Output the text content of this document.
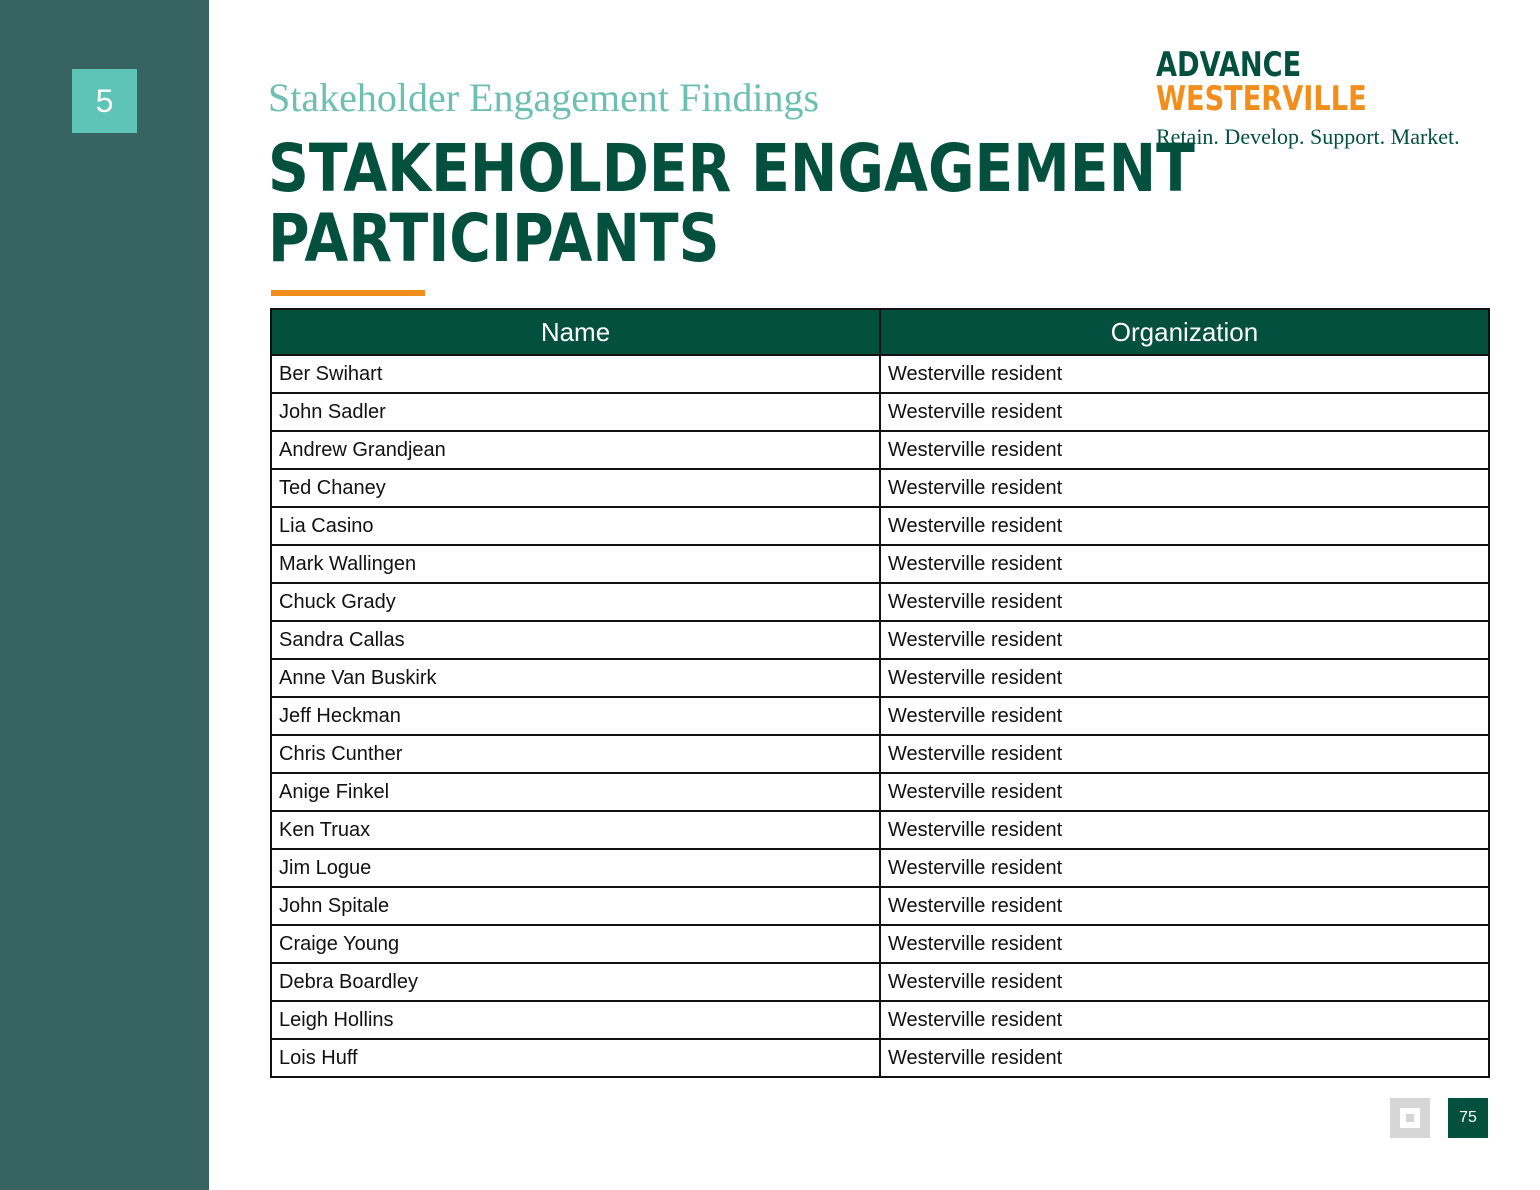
5	Stakeholder Engagement Findings
STAKEHOLDER ENGAGEMENT
PARTICIPANTS
ADVANCE
WESTERVILLE
Retain. Develop. Support. Market.
Name	Organization
Ber Swihart	Westerville resident
John Sadler	Westerville resident
Andrew Grandjean	Westerville resident
Ted Chaney	Westerville resident
Lia Casino	Westerville resident
Mark Wallingen	Westerville resident
Chuck Grady	Westerville resident
Sandra Callas	Westerville resident
Anne Van Buskirk	Westerville resident
Jeff Heckman	Westerville resident
Chris Cunther	Westerville resident
Anige Finkel	Westerville resident
Ken Truax	Westerville resident
Jim Logue	Westerville resident
John Spitale	Westerville resident
Craige Young	Westerville resident
Debra Boardley	Westerville resident
Leigh Hollins	Westerville resident
Lois Huff	Westerville resident
75
